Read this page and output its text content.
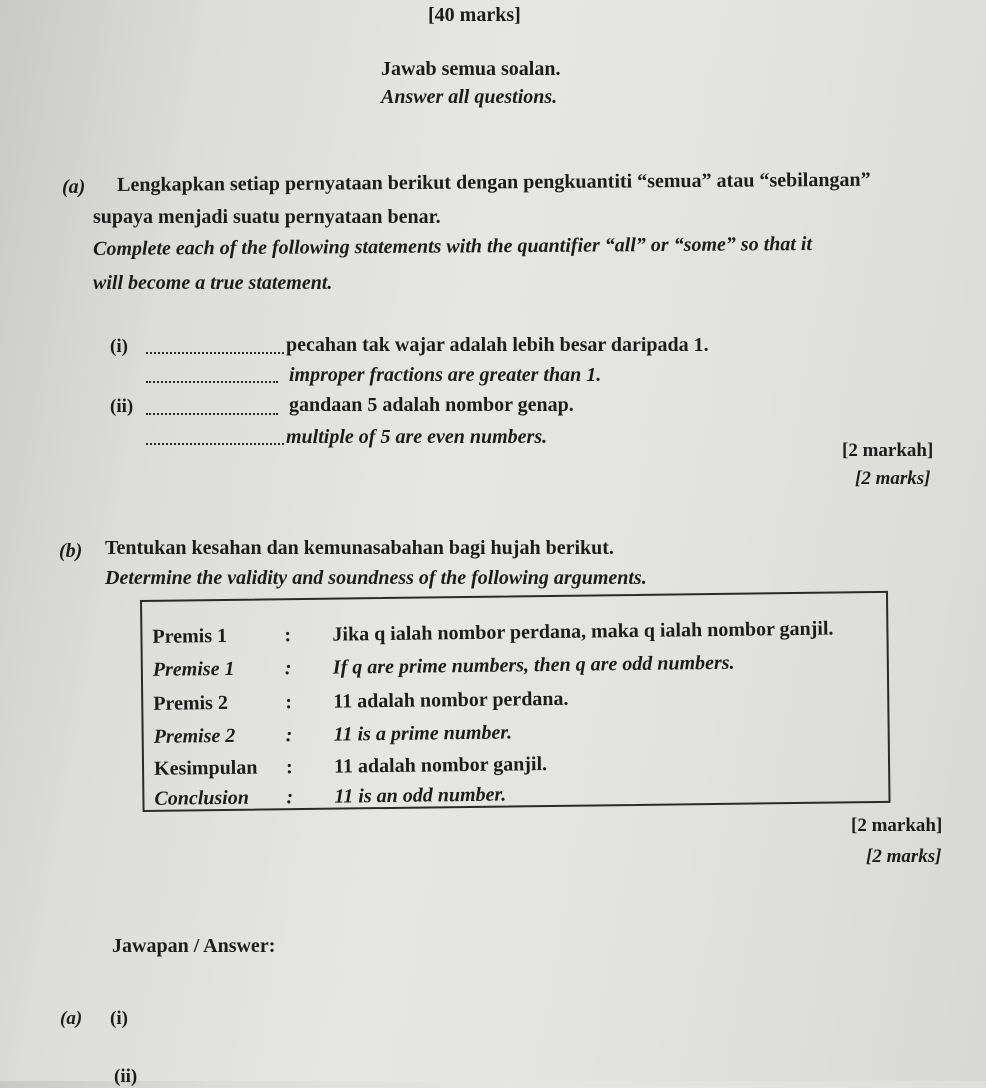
[40 marks]
Jawab semua soalan.
Answer all questions.
(a) Lengkapkan setiap pernyataan berikut dengan pengkuantiti “semua” atau “sebilangan”
supaya menjadi suatu pernyataan benar.
Complete each of the following statements with the quantifier “all” or “some” so that it
will become a true statement.
(i)	pecahan tak wajar adalah lebih besar daripada 1.
improper fractions are greater than 1.
(ii)	gandaan 5 adalah nombor genap.
multiple of 5 are even numbers.
[2 markah]
[2 marks]
(b) Tentukan kesahan dan kemunasabahan bagi hujah berikut.
Determine the validity and soundness of the following arguments.
Premis 1	: Jika q ialah nombor perdana, maka q ialah nombor ganjil.
Premise 1	: If q are prime numbers, then q are odd numbers.
Premis 2	: 11 adalah nombor perdana.
Premise 2	: 11 is a prime number.
Kesimpulan : 11 adalah nombor ganjil.
Conclusion : 11 is an odd number.
[2 markah]
[2 marks]
Jawapan / Answer:
(a) (i)
(ii)
